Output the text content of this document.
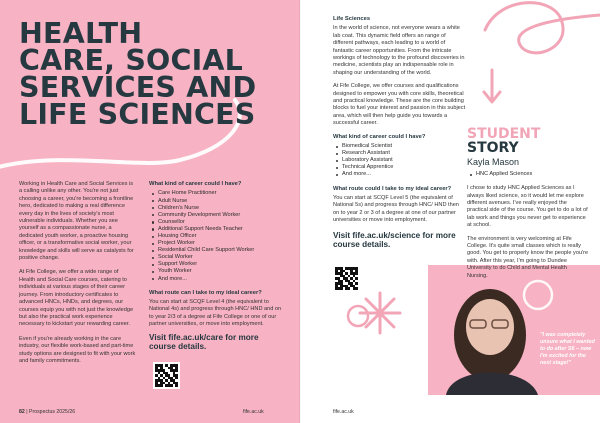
HEALTH
CARE, SOCIAL
SERVICES AND
LIFE SCIENCES

Working in Health Care and Social Services is a calling unlike any other. You're not just choosing a career, you're becoming a frontline hero, dedicated to making a real difference every day in the lives of society's most vulnerable individuals. Whether you see yourself as a compassionate nurse, a dedicated youth worker, a proactive housing officer, or a transformative social worker, your knowledge and skills will serve as catalysts for positive change.

At Fife College, we offer a wide range of Health and Social Care courses, catering to individuals at various stages of their career journey. From introductory certificates to advanced HNCs, HNDs, and degrees, our courses equip you with not just the knowledge but also the practical work experience necessary to kickstart your rewarding career.

Even if you're already working in the care industry, our flexible work-based and part-time study options are designed to fit with your work and family commitments.

What kind of career could I have?
Care Home Practitioner
Adult Nurse
Children's Nurse
Community Development Worker
Counsellor
Additional Support Needs Teacher
Housing Officer
Project Worker
Residential Child Care Support Worker
Social Worker
Support Worker
Youth Worker
And more...
What route can I take to my ideal career?

You can start at SCQF Level 4 (the equivalent to National 4s) and progress through HNC/ HND and on to year 2/3 of a degree at Fife College or one of our partner universities, or move into employment.

Visit fife.ac.uk/care for more course details.
82 | Prospectus 2025/26	fife.ac.uk
Life Sciences

In the world of science, not everyone wears a white lab coat. This dynamic field offers an range of different pathways, each leading to a world of fantastic career opportunities. From the intricate workings of technology to the profound discoveries in medicine, scientists play an indispensable role in shaping our understanding of the world.

At Fife College, we offer courses and qualifications designed to empower you with core skills, theoretical and practical knowledge. These are the core building blocks to fuel your interest and passion in this subject area, which will then help guide you towards a successful career.

What kind of career could I have?
Biomedical Scientist
Research Assistant
Laboratory Assistant
Technical Apprentice
And more...
What route could I take to my ideal career?

You can start at SCQF Level 5 (the equivalent of National 5s) and progress through HNC/ HND then on to year 2 or 3 of a degree at one of our partner universities or move into employment.

Visit fife.ac.uk/science for more course details.
fife.ac.uk	Prospectus 2025/26 | 83
STUDENT
STORY
Kayla Mason
HNC Applied Sciences

I chose to study HNC Applied Sciences as I always liked science, so it would let me explore different avenues. I've really enjoyed the practical side of the course. You get to do a lot of lab work and things you never get to experience at school.

The environment is very welcoming at Fife College. It's quite small classes which is really good. You get to properly know the people you're with. After this year, I'm going to Dundee University to do Child and Mental Health Nursing.

"I was completely unsure what I wanted to do after S6 – now I'm excited for the next stage!"
